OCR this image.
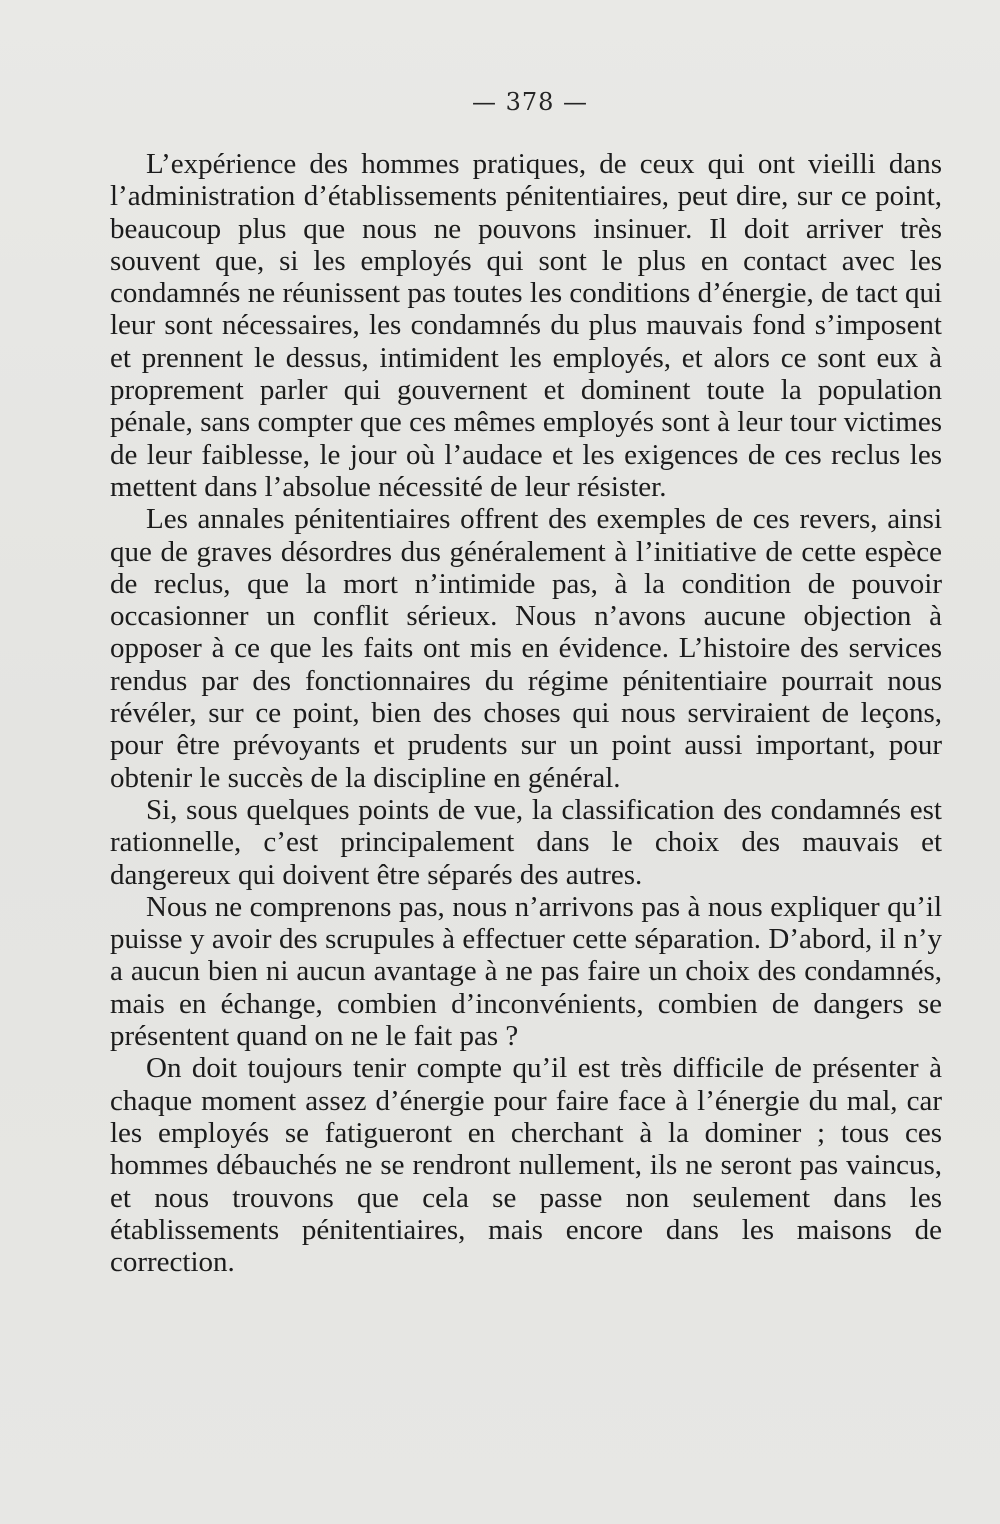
— 378 —

L’expérience des hommes pratiques, de ceux qui ont vieilli dans l’administration d’établissements pénitentiaires, peut dire, sur ce point, beaucoup plus que nous ne pouvons insinuer. Il doit arriver très souvent que, si les employés qui sont le plus en contact avec les condamnés ne réunissent pas toutes les conditions d’énergie, de tact qui leur sont nécessaires, les condamnés du plus mauvais fond s’imposent et prennent le dessus, intimident les employés, et alors ce sont eux à proprement parler qui gouvernent et dominent toute la population pénale, sans compter que ces mêmes employés sont à leur tour victimes de leur faiblesse, le jour où l’audace et les exigences de ces reclus les mettent dans l’absolue nécessité de leur résister.

Les annales pénitentiaires offrent des exemples de ces revers, ainsi que de graves désordres dus généralement à l’initiative de cette espèce de reclus, que la mort n’intimide pas, à la condition de pouvoir occasionner un conflit sérieux. Nous n’avons aucune objection à opposer à ce que les faits ont mis en évidence. L’histoire des services rendus par des fonctionnaires du régime pénitentiaire pourrait nous révéler, sur ce point, bien des choses qui nous serviraient de leçons, pour être prévoyants et prudents sur un point aussi important, pour obtenir le succès de la discipline en général.

Si, sous quelques points de vue, la classification des condamnés est rationnelle, c’est principalement dans le choix des mauvais et dangereux qui doivent être séparés des autres.

Nous ne comprenons pas, nous n’arrivons pas à nous expliquer qu’il puisse y avoir des scrupules à effectuer cette séparation. D’abord, il n’y a aucun bien ni aucun avantage à ne pas faire un choix des condamnés, mais en échange, combien d’inconvénients, combien de dangers se présentent quand on ne le fait pas ?

On doit toujours tenir compte qu’il est très difficile de présenter à chaque moment assez d’énergie pour faire face à l’énergie du mal, car les employés se fatigueront en cherchant à la dominer ; tous ces hommes débauchés ne se rendront nullement, ils ne seront pas vaincus, et nous trouvons que cela se passe non seulement dans les établissements pénitentiaires, mais encore dans les maisons de correction.
